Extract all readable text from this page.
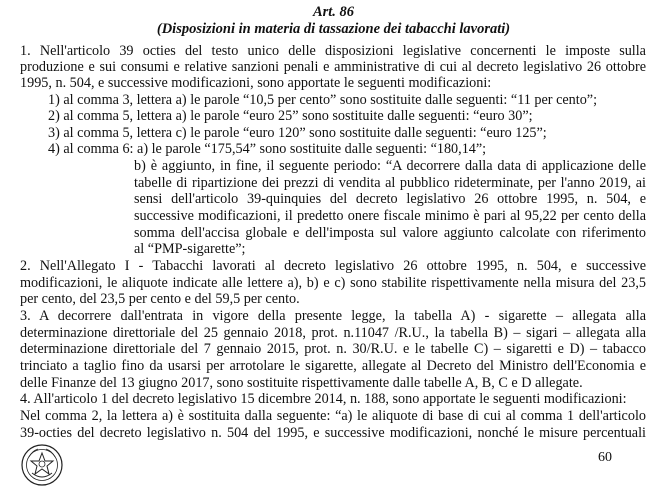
Art. 86
(Disposizioni in materia di tassazione dei tabacchi lavorati)
1. Nell'articolo 39 octies del testo unico delle disposizioni legislative concernenti le imposte sulla
produzione e sui consumi e relative sanzioni penali e amministrative di cui al decreto legislativo 26 ottobre
1995, n. 504, e successive modificazioni, sono apportate le seguenti modificazioni:
1) al comma 3, lettera a) le parole “10,5 per cento” sono sostituite dalle seguenti: “11 per cento”;
2) al comma 5, lettera a) le parole “euro 25” sono sostituite dalle seguenti: “euro 30”;
3) al comma 5, lettera c) le parole “euro 120” sono sostituite dalle seguenti: “euro 125”;
4) al comma 6: a) le parole “175,54” sono sostituite dalle seguenti: “180,14”;
b) è aggiunto, in fine, il seguente periodo: “A decorrere dalla data di applicazione delle
tabelle di ripartizione dei prezzi di vendita al pubblico rideterminate, per l'anno 2019, ai
sensi dell'articolo 39-quinquies del decreto legislativo 26 ottobre 1995, n. 504, e
successive modificazioni, il predetto onere fiscale minimo è pari al 95,22 per cento della
somma dell'accisa globale e dell'imposta sul valore aggiunto calcolate con riferimento
al “PMP-sigarette”;
2. Nell'Allegato I - Tabacchi lavorati al decreto legislativo 26 ottobre 1995, n. 504, e successive
modificazioni, le aliquote indicate alle lettere a), b) e c) sono stabilite rispettivamente nella misura del 23,5
per cento, del 23,5 per cento e del 59,5 per cento.
3. A decorrere dall'entrata in vigore della presente legge, la tabella A) - sigarette – allegata alla
determinazione direttoriale del 25 gennaio 2018, prot. n.11047 /R.U., la tabella B) – sigari – allegata alla
determinazione direttoriale del 7 gennaio 2015, prot. n. 30/R.U. e le tabelle C) – sigaretti e D) – tabacco
trinciato a taglio fino da usarsi per arrotolare le sigarette, allegate al Decreto del Ministro dell'Economia e
delle Finanze del 13 giugno 2017, sono sostituite rispettivamente dalle tabelle A, B, C e D allegate.
4. All'articolo 1 del decreto legislativo 15 dicembre 2014, n. 188, sono apportate le seguenti modificazioni:
Nel comma 2, la lettera a) è sostituita dalla seguente: “a) le aliquote di base di cui al comma 1 dell'articolo
39-octies del decreto legislativo n. 504 del 1995, e successive modificazioni, nonché le misure percentuali
60
